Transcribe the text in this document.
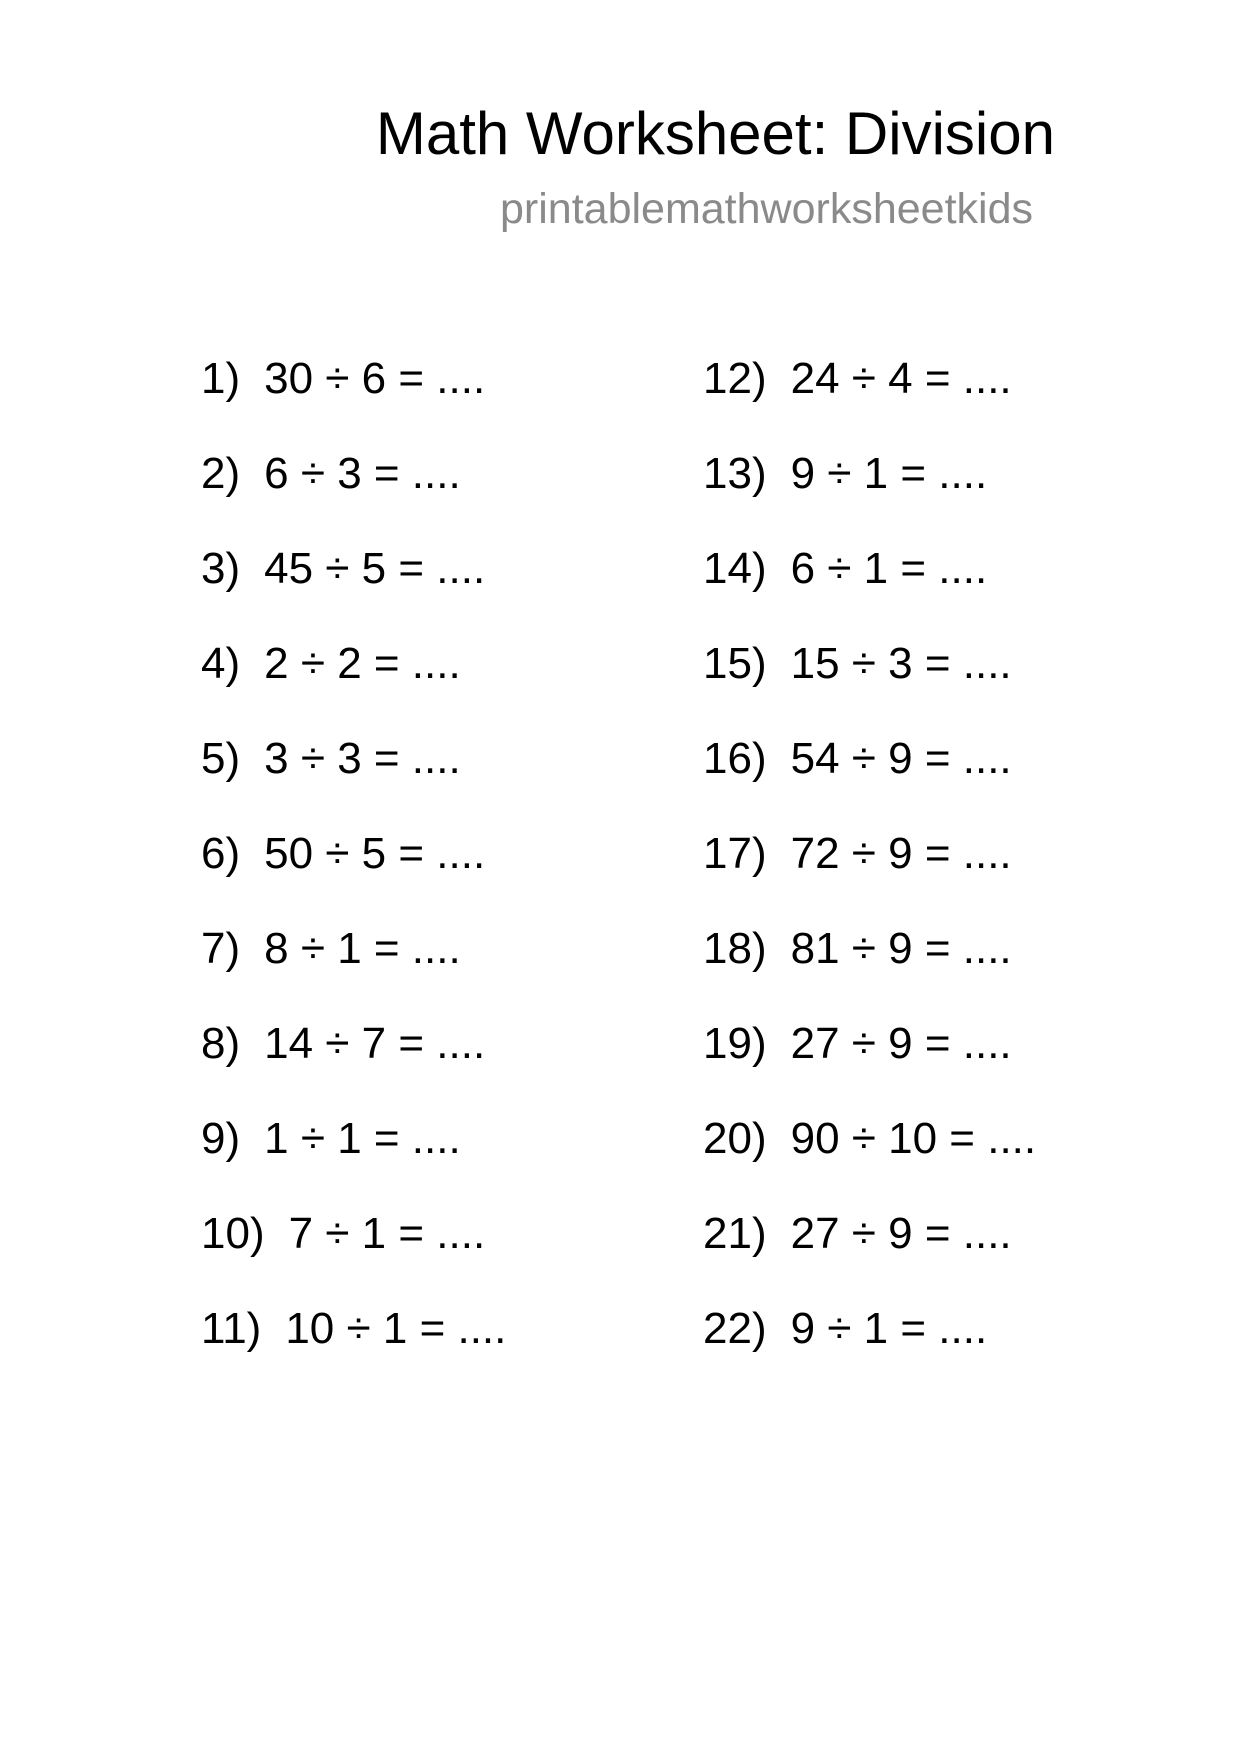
Math Worksheet: Division
printablemathworksheetkids
1) 30 ÷ 6 = ....
2) 6 ÷ 3 = ....
3) 45 ÷ 5 = ....
4) 2 ÷ 2 = ....
5) 3 ÷ 3 = ....
6) 50 ÷ 5 = ....
7) 8 ÷ 1 = ....
8) 14 ÷ 7 = ....
9) 1 ÷ 1 = ....
10) 7 ÷ 1 = ....
11) 10 ÷ 1 = ....
12) 24 ÷ 4 = ....
13) 9 ÷ 1 = ....
14) 6 ÷ 1 = ....
15) 15 ÷ 3 = ....
16) 54 ÷ 9 = ....
17) 72 ÷ 9 = ....
18) 81 ÷ 9 = ....
19) 27 ÷ 9 = ....
20) 90 ÷ 10 = ....
21) 27 ÷ 9 = ....
22) 9 ÷ 1 = ....
